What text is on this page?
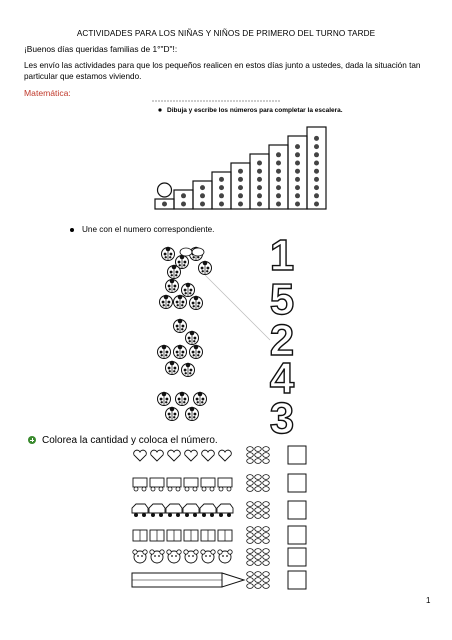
ACTIVIDADES PARA LOS NIÑAS Y NIÑOS DE PRIMERO DEL TURNO TARDE
¡Buenos días queridas familias de 1°"D"!:
Les envío las actividades para que los pequeños realicen en estos días junto a ustedes, dada la situación tan particular que estamos viviendo.
Matemática:
Une con el numero correspondiente.
Colorea la cantidad y coloca el número.
1
Dibuja y escribe los números para completar la escalera.
1
5
2
4
3
